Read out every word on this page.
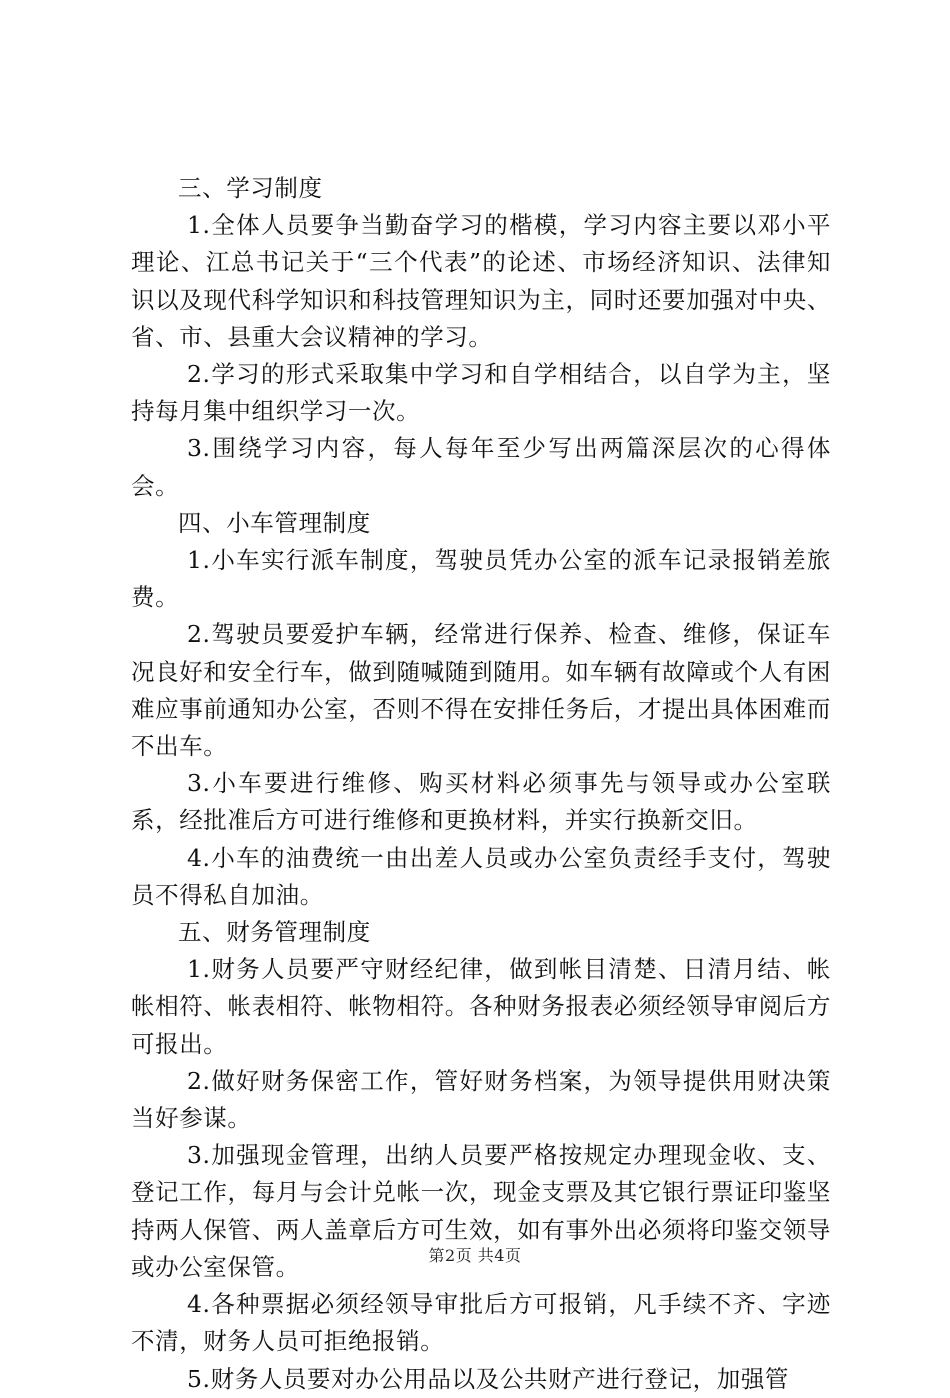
三、学习制度

1.全体人员要争当勤奋学习的楷模，学习内容主要以邓小平理论、江总书记关于“三个代表”的论述、市场经济知识、法律知识以及现代科学知识和科技管理知识为主，同时还要加强对中央、省、市、县重大会议精神的学习。

2.学习的形式采取集中学习和自学相结合，以自学为主，坚持每月集中组织学习一次。

3.围绕学习内容，每人每年至少写出两篇深层次的心得体会。

四、小车管理制度

1.小车实行派车制度，驾驶员凭办公室的派车记录报销差旅费。

2.驾驶员要爱护车辆，经常进行保养、检查、维修，保证车况良好和安全行车，做到随喊随到随用。如车辆有故障或个人有困难应事前通知办公室，否则不得在安排任务后，才提出具体困难而不出车。

3.小车要进行维修、购买材料必须事先与领导或办公室联系，经批准后方可进行维修和更换材料，并实行换新交旧。

4.小车的油费统一由出差人员或办公室负责经手支付，驾驶员不得私自加油。

五、财务管理制度

1.财务人员要严守财经纪律，做到帐目清楚、日清月结、帐帐相符、帐表相符、帐物相符。各种财务报表必须经领导审阅后方可报出。

2.做好财务保密工作，管好财务档案，为领导提供用财决策当好参谋。

3.加强现金管理，出纳人员要严格按规定办理现金收、支、登记工作，每月与会计兑帐一次，现金支票及其它银行票证印鉴坚持两人保管、两人盖章后方可生效，如有事外出必须将印鉴交领导或办公室保管。

4.各种票据必须经领导审批后方可报销，凡手续不齐、字迹不清，财务人员可拒绝报销。

5.财务人员要对办公用品以及公共财产进行登记，加强管

第2页 共4页
